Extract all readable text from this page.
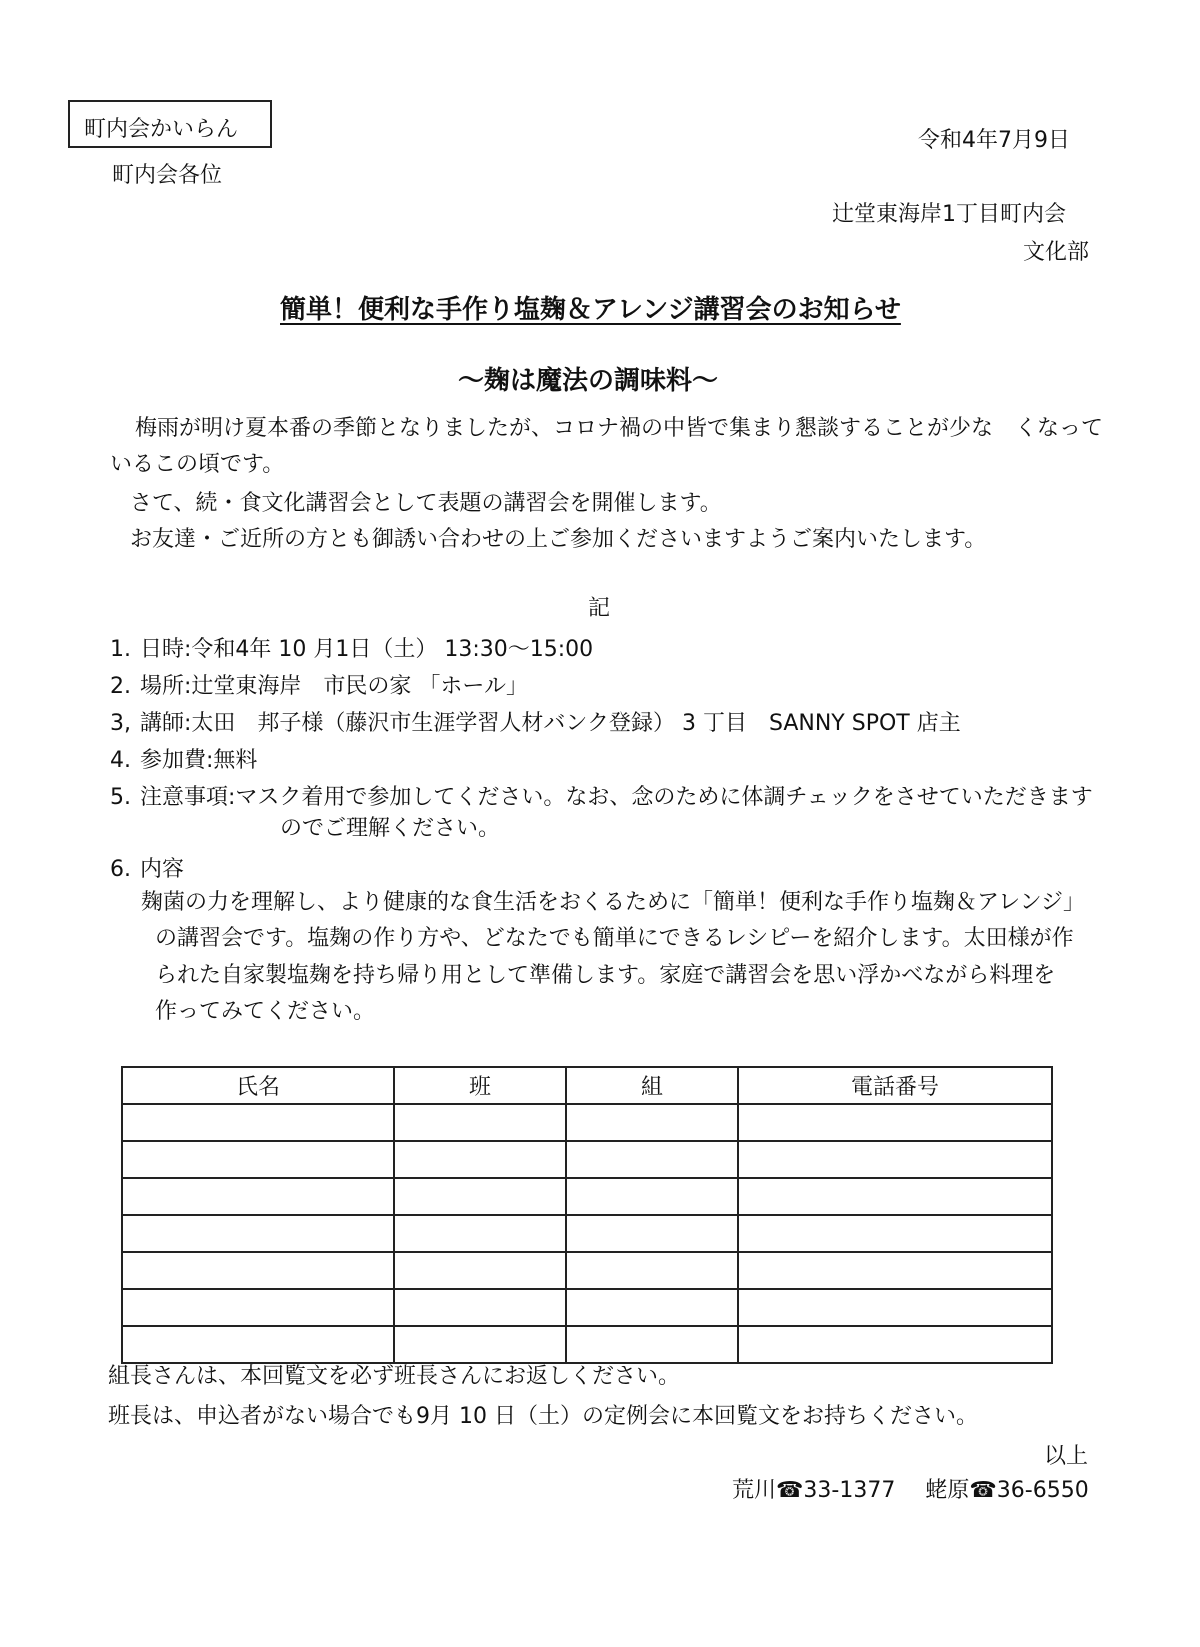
町内会かいらん	令和4年7月9日
町内会各位
辻堂東海岸1丁目町内会
文化部
簡単！便利な手作り塩麹＆アレンジ講習会のお知らせ
〜麹は魔法の調味料〜
梅雨が明け夏本番の季節となりましたが、コロナ禍の中皆で集まり懇談することが少な　くなって
いるこの頃です。
さて、続・食文化講習会として表題の講習会を開催します。
お友達・ご近所の方とも御誘い合わせの上ご参加くださいますようご案内いたします。
記
1. 日時:令和4年 10 月1日（土） 13:30〜15:00
2. 場所:辻堂東海岸　市民の家 「ホール」
3, 講師:太田　邦子様（藤沢市生涯学習人材バンク登録） 3 丁目　SANNY SPOT 店主
4. 参加費:無料
5. 注意事項:マスク着用で参加してください。なお、念のために体調チェックをさせていただきます
のでご理解ください。
6. 内容
麹菌の力を理解し、より健康的な食生活をおくるために「簡単！便利な手作り塩麹＆アレンジ」
の講習会です。塩麹の作り方や、どなたでも簡単にできるレシピーを紹介します。太田様が作
られた自家製塩麹を持ち帰り用として準備します。家庭で講習会を思い浮かべながら料理を
作ってみてください。
氏名	班	組	電話番号

組長さんは、本回覧文を必ず班長さんにお返しください。
班長は、申込者がない場合でも9月 10 日（土）の定例会に本回覧文をお持ちください。
以上
荒川☎33-1377 蛯原☎36-6550
